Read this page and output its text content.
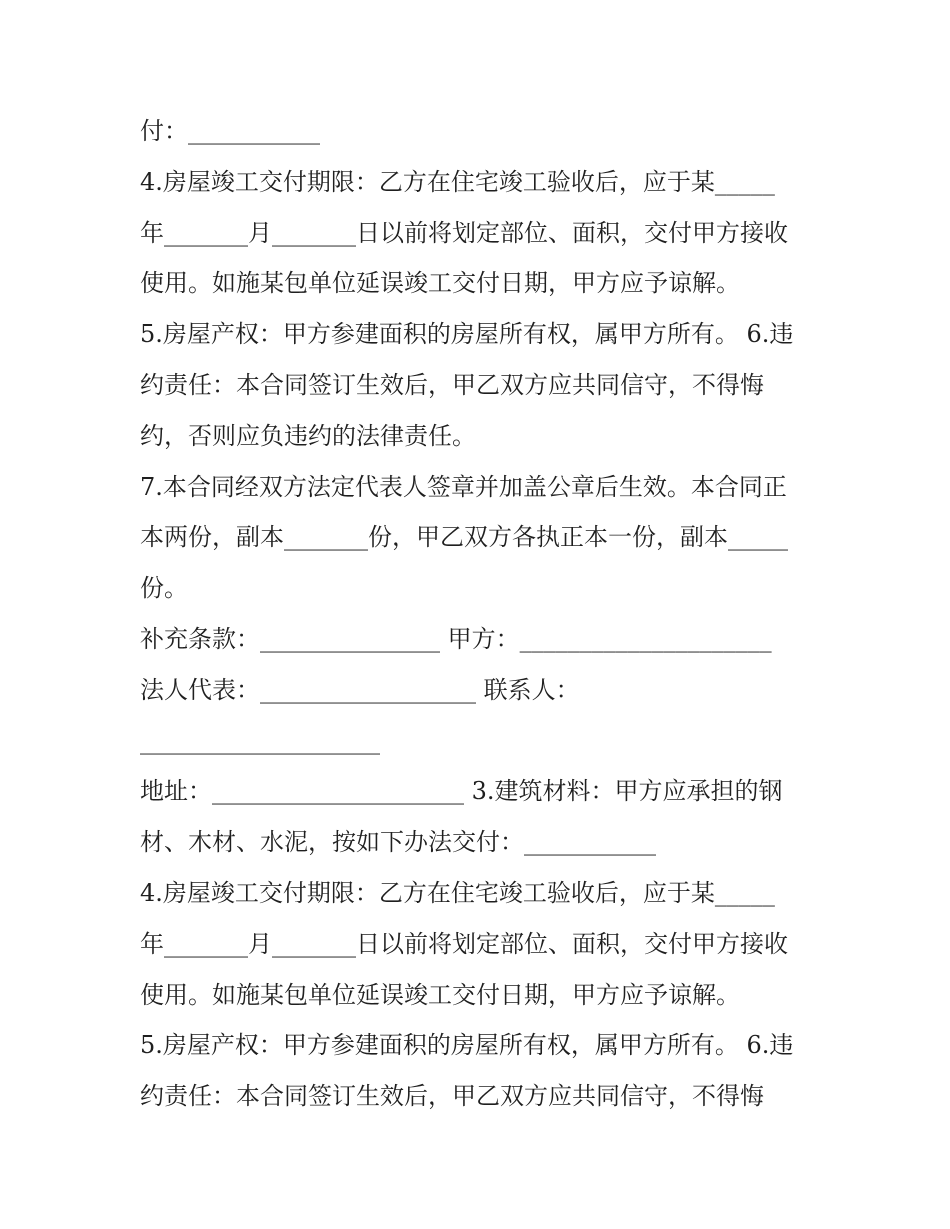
付：___________
4.房屋竣工交付期限：乙方在住宅竣工验收后，应于某_____
年_______月_______日以前将划定部位、面积，交付甲方接收
使用。如施某包单位延误竣工交付日期，甲方应予谅解。
5.房屋产权：甲方参建面积的房屋所有权，属甲方所有。 6.违
约责任：本合同签订生效后，甲乙双方应共同信守，不得悔
约，否则应负违约的法律责任。
7.本合同经双方法定代表人签章并加盖公章后生效。本合同正
本两份，副本_______份，甲乙双方各执正本一份，副本_____
份。
补充条款：_______________ 甲方：_____________________
法人代表：__________________ 联系人：
____________________
地址：_____________________ 3.建筑材料：甲方应承担的钢
材、木材、水泥，按如下办法交付：___________
4.房屋竣工交付期限：乙方在住宅竣工验收后，应于某_____
年_______月_______日以前将划定部位、面积，交付甲方接收
使用。如施某包单位延误竣工交付日期，甲方应予谅解。
5.房屋产权：甲方参建面积的房屋所有权，属甲方所有。 6.违
约责任：本合同签订生效后，甲乙双方应共同信守，不得悔
